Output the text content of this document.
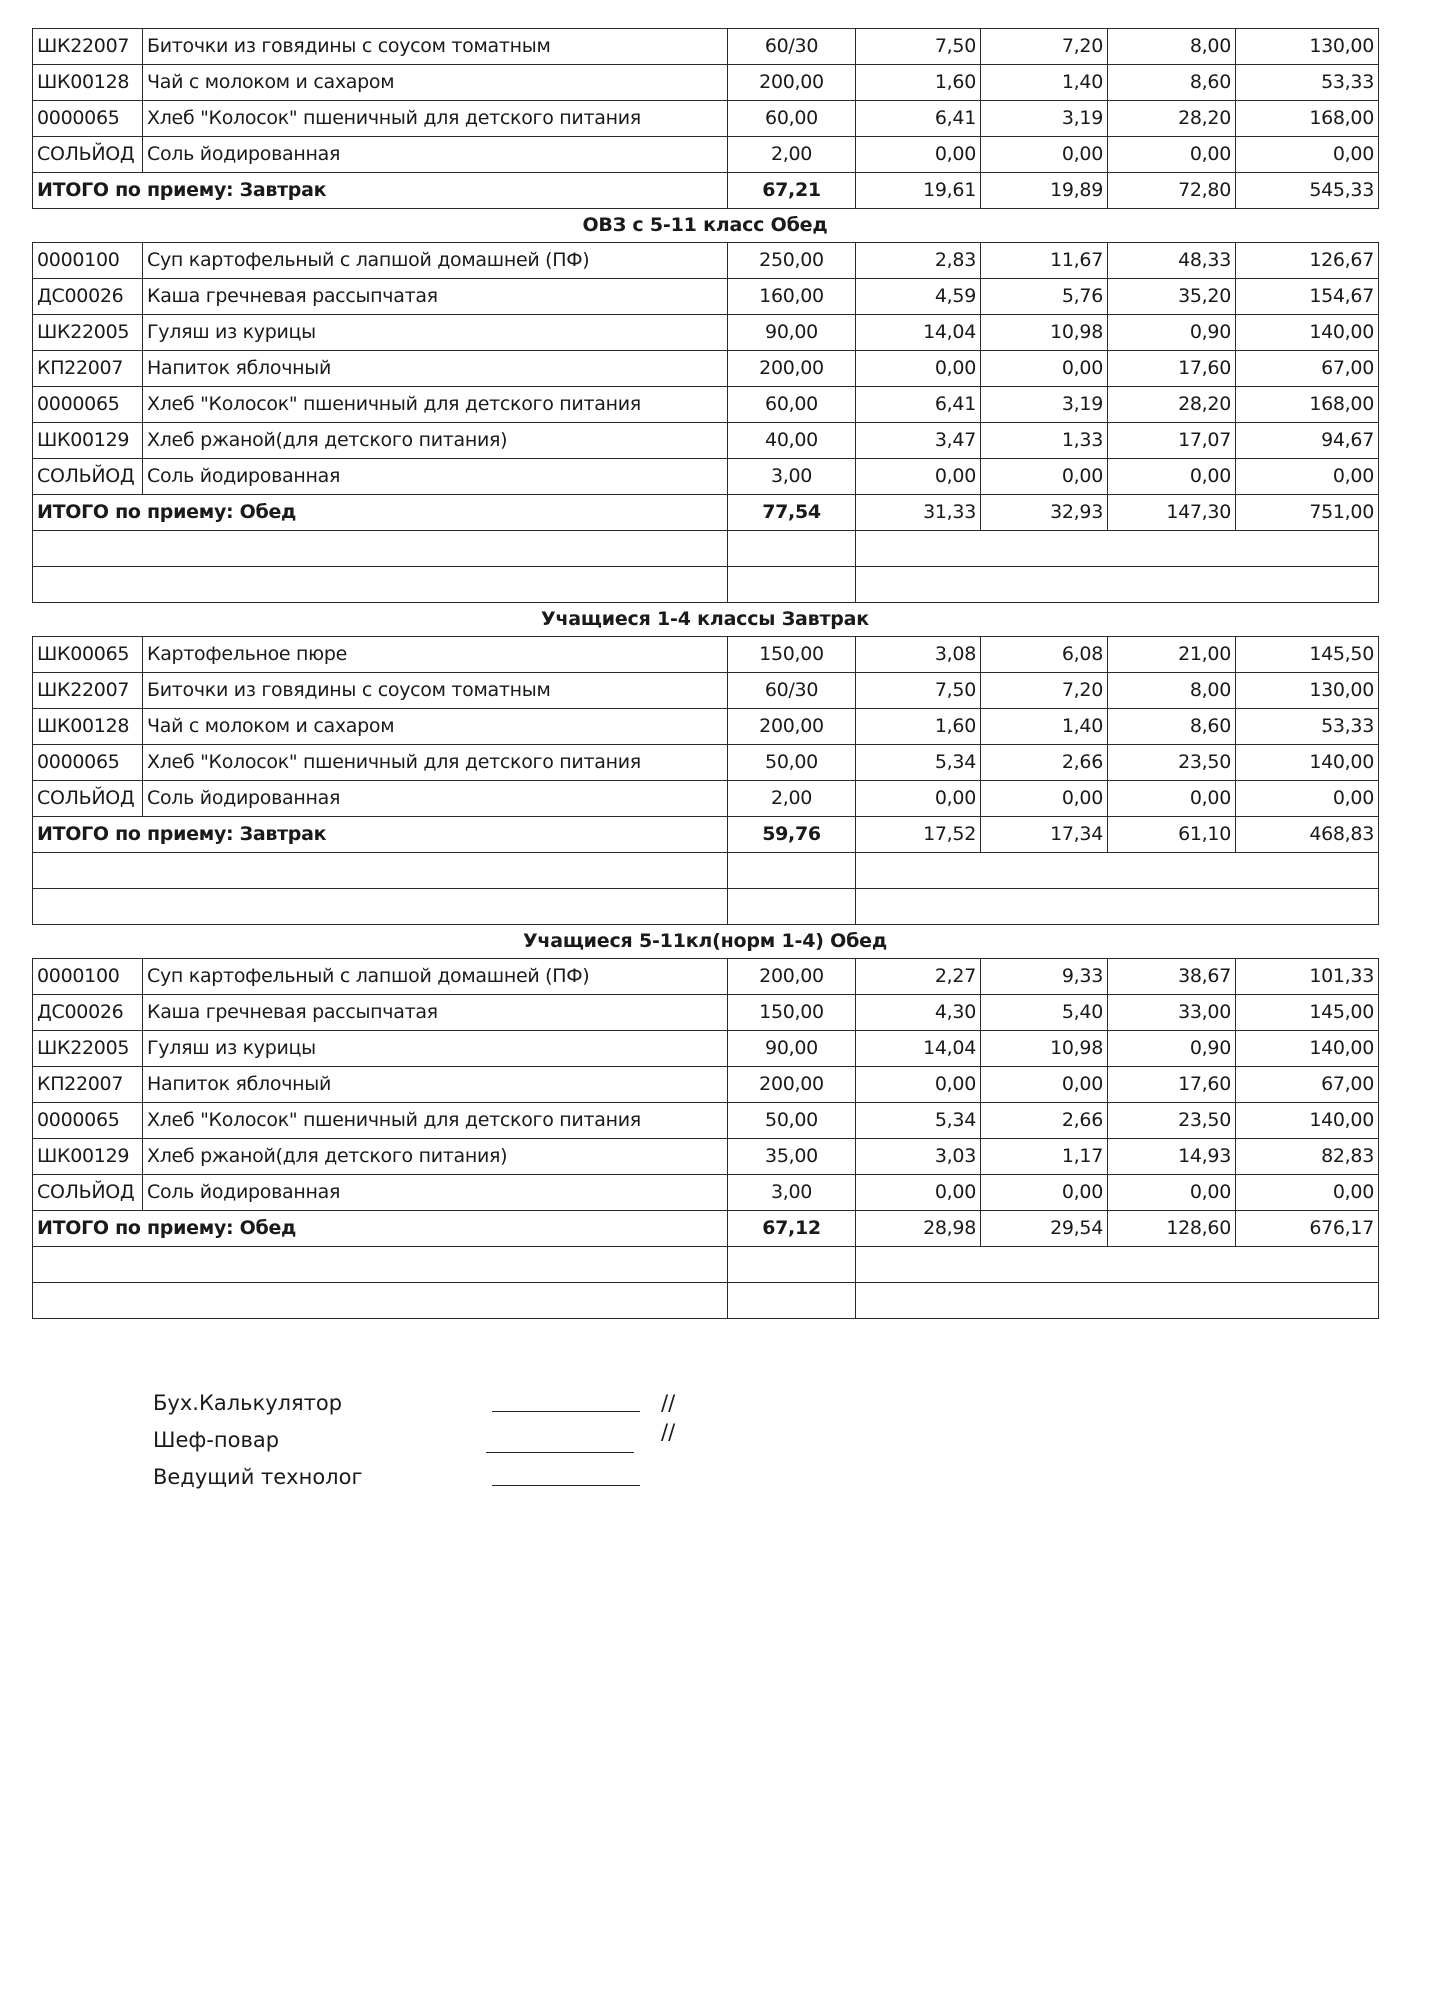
ШК22007	Биточки из говядины с соусом томатным	60/30	7,50	7,20	8,00	130,00
ШК00128	Чай с молоком и сахаром	200,00	1,60	1,40	8,60	53,33
0000065	Хлеб "Колосок" пшеничный для детского питания	60,00	6,41	3,19	28,20	168,00
СОЛЬЙОД	Соль йодированная	2,00	0,00	0,00	0,00	0,00
ИТОГО по приему: Завтрак		67,21	19,61	19,89	72,80	545,33
ОВЗ с 5-11 класс Обед
0000100	Суп картофельный с лапшой домашней (ПФ)	250,00	2,83	11,67	48,33	126,67
ДС00026	Каша гречневая рассыпчатая	160,00	4,59	5,76	35,20	154,67
ШК22005	Гуляш из курицы	90,00	14,04	10,98	0,90	140,00
КП22007	Напиток яблочный	200,00	0,00	0,00	17,60	67,00
0000065	Хлеб "Колосок" пшеничный для детского питания	60,00	6,41	3,19	28,20	168,00
ШК00129	Хлеб ржаной(для детского питания)	40,00	3,47	1,33	17,07	94,67
СОЛЬЙОД	Соль йодированная	3,00	0,00	0,00	0,00	0,00
ИТОГО по приему: Обед		77,54	31,33	32,93	147,30	751,00

Учащиеся 1-4 классы Завтрак
ШК00065	Картофельное пюре	150,00	3,08	6,08	21,00	145,50
ШК22007	Биточки из говядины с соусом томатным	60/30	7,50	7,20	8,00	130,00
ШК00128	Чай с молоком и сахаром	200,00	1,60	1,40	8,60	53,33
0000065	Хлеб "Колосок" пшеничный для детского питания	50,00	5,34	2,66	23,50	140,00
СОЛЬЙОД	Соль йодированная	2,00	0,00	0,00	0,00	0,00
ИТОГО по приему: Завтрак		59,76	17,52	17,34	61,10	468,83

Учащиеся 5-11кл(норм 1-4) Обед
0000100	Суп картофельный с лапшой домашней (ПФ)	200,00	2,27	9,33	38,67	101,33
ДС00026	Каша гречневая рассыпчатая	150,00	4,30	5,40	33,00	145,00
ШК22005	Гуляш из курицы	90,00	14,04	10,98	0,90	140,00
КП22007	Напиток яблочный	200,00	0,00	0,00	17,60	67,00
0000065	Хлеб "Колосок" пшеничный для детского питания	50,00	5,34	2,66	23,50	140,00
ШК00129	Хлеб ржаной(для детского питания)	35,00	3,03	1,17	14,93	82,83
СОЛЬЙОД	Соль йодированная	3,00	0,00	0,00	0,00	0,00
ИТОГО по приему: Обед		67,12	28,98	29,54	128,60	676,17

Бух.Калькулятор	//
Шеф-повар	//
Ведущий технолог
